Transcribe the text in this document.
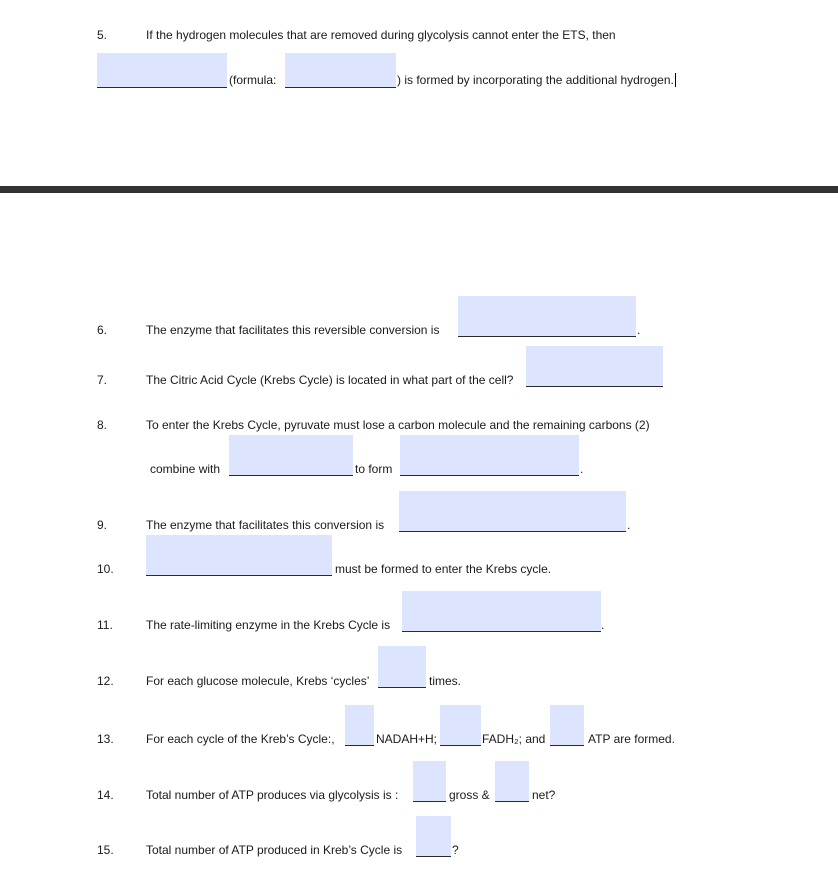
5.	If the hydrogen molecules that are removed during glycolysis cannot enter the ETS, then
(formula:	) is formed by incorporating the additional hydrogen.
6.	The enzyme that facilitates this reversible conversion is	.
7.	The Citric Acid Cycle (Krebs Cycle) is located in what part of the cell?
8.	To enter the Krebs Cycle, pyruvate must lose a carbon molecule and the remaining carbons (2)
combine with	to form	.
9.	The enzyme that facilitates this conversion is	.
10.	must be formed to enter the Krebs cycle.
11.	The rate-limiting enzyme in the Krebs Cycle is	.
12.	For each glucose molecule, Krebs ‘cycles’	times.
13.	For each cycle of the Kreb’s Cycle:,	NADAH+H;	FADH₂; and	ATP are formed.
14.	Total number of ATP produces via glycolysis is :	gross &	net?
15.	Total number of ATP produced in Kreb’s Cycle is	?
